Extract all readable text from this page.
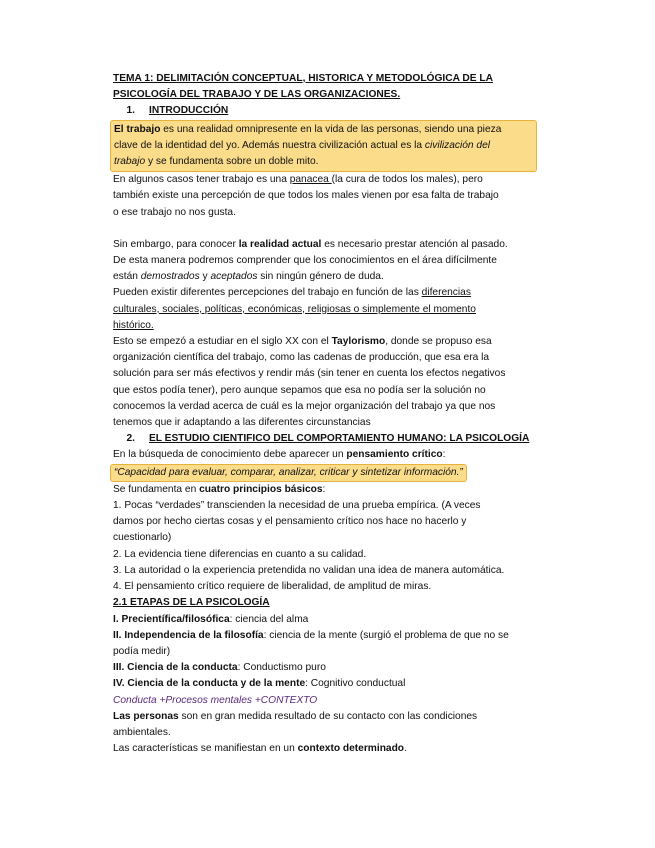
TEMA 1: DELIMITACIÓN CONCEPTUAL, HISTORICA Y METODOLÓGICA DE LA
PSICOLOGÍA DEL TRABAJO Y DE LAS ORGANIZACIONES.
1. INTRODUCCIÓN
El trabajo es una realidad omnipresente en la vida de las personas, siendo una pieza
clave de la identidad del yo. Además nuestra civilización actual es la civilización del
trabajo y se fundamenta sobre un doble mito.
En algunos casos tener trabajo es una panacea (la cura de todos los males), pero
también existe una percepción de que todos los males vienen por esa falta de trabajo
o ese trabajo no nos gusta.
Sin embargo, para conocer la realidad actual es necesario prestar atención al pasado.
De esta manera podremos comprender que los conocimientos en el área difícilmente
están demostrados y aceptados sin ningún género de duda.
Pueden existir diferentes percepciones del trabajo en función de las diferencias
culturales, sociales, políticas, económicas, religiosas o simplemente el momento
histórico.
Esto se empezó a estudiar en el siglo XX con el Taylorismo, donde se propuso esa
organización científica del trabajo, como las cadenas de producción, que esa era la
solución para ser más efectivos y rendir más (sin tener en cuenta los efectos negativos
que estos podía tener), pero aunque sepamos que esa no podía ser la solución no
conocemos la verdad acerca de cuál es la mejor organización del trabajo ya que nos
tenemos que ir adaptando a las diferentes circunstancias
2. EL ESTUDIO CIENTIFICO DEL COMPORTAMIENTO HUMANO: LA PSICOLOGÍA
En la búsqueda de conocimiento debe aparecer un pensamiento crítico:
“Capacidad para evaluar, comparar, analizar, criticar y sintetizar información.”
Se fundamenta en cuatro principios básicos:
1. Pocas “verdades” transcienden la necesidad de una prueba empírica. (A veces
damos por hecho ciertas cosas y el pensamiento crítico nos hace no hacerlo y
cuestionarlo)
2. La evidencia tiene diferencias en cuanto a su calidad.
3. La autoridad o la experiencia pretendida no validan una idea de manera automática.
4. El pensamiento crítico requiere de liberalidad, de amplitud de miras.
2.1 ETAPAS DE LA PSICOLOGÍA
I. Precientífica/filosófica: ciencia del alma
II. Independencia de la filosofía: ciencia de la mente (surgió el problema de que no se
podía medir)
III. Ciencia de la conducta: Conductismo puro
IV. Ciencia de la conducta y de la mente: Cognitivo conductual
Conducta +Procesos mentales +CONTEXTO
Las personas son en gran medida resultado de su contacto con las condiciones
ambientales.
Las características se manifiestan en un contexto determinado.
